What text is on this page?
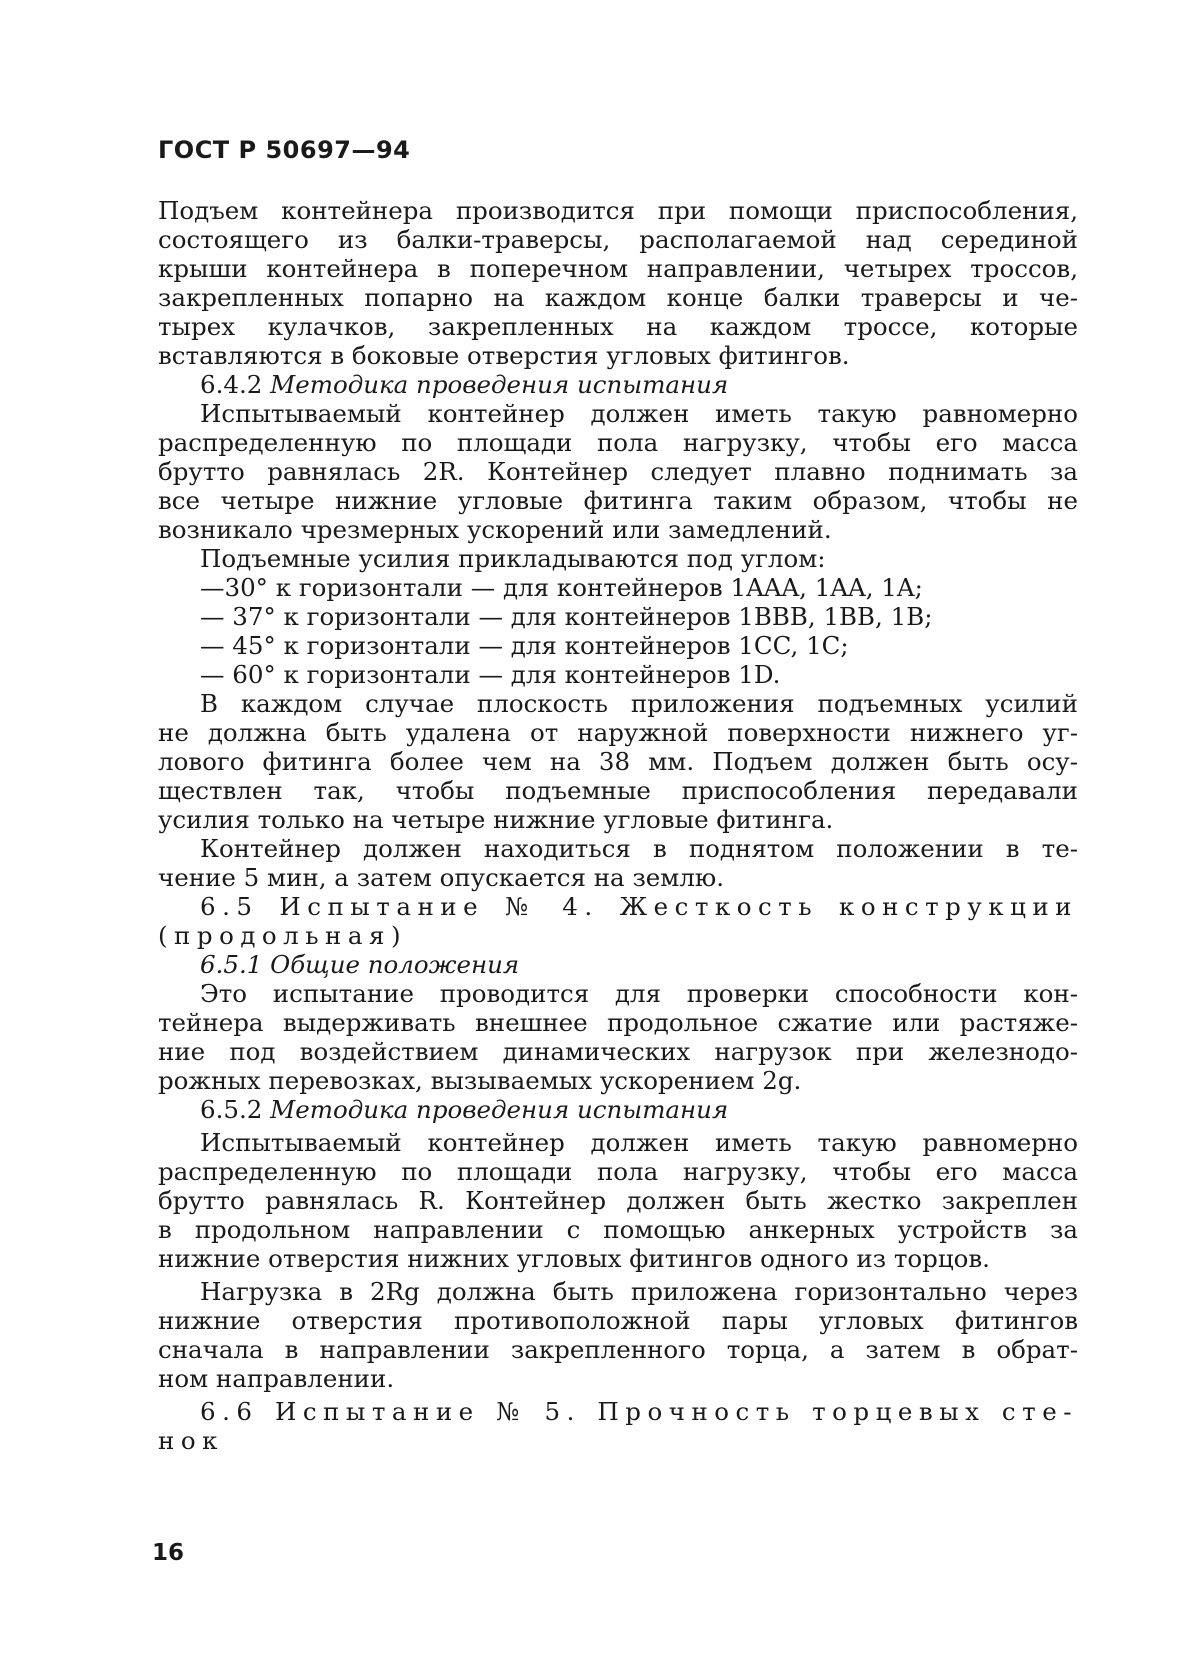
ГОСТ Р 50697—94
Подъем контейнера производится при помощи приспособления,
состоящего из балки-траверсы, располагаемой над серединой
крыши контейнера в поперечном направлении, четырех троссов,
закрепленных попарно на каждом конце балки траверсы и че-
тырех кулачков, закрепленных на каждом троссе, которые
вставляются в боковые отверстия угловых фитингов.
6.4.2 Методика проведения испытания
Испытываемый контейнер должен иметь такую равномерно
распределенную по площади пола нагрузку, чтобы его масса
брутто равнялась 2R. Контейнер следует плавно поднимать за
все четыре нижние угловые фитинга таким образом, чтобы не
возникало чрезмерных ускорений или замедлений.
Подъемные усилия прикладываются под углом:
—30° к горизонтали — для контейнеров 1AAA, 1AA, 1A;
— 37° к горизонтали — для контейнеров 1BBB, 1BB, 1B;
— 45° к горизонтали — для контейнеров 1CC, 1C;
— 60° к горизонтали — для контейнеров 1D.
В каждом случае плоскость приложения подъемных усилий
не должна быть удалена от наружной поверхности нижнего уг-
лового фитинга более чем на 38 мм. Подъем должен быть осу-
ществлен так, чтобы подъемные приспособления передавали
усилия только на четыре нижние угловые фитинга.
Контейнер должен находиться в поднятом положении в те-
чение 5 мин, а затем опускается на землю.
6.5 Испытание № 4. Жесткость конструкции
(продольная)
6.5.1 Общие положения
Это испытание проводится для проверки способности кон-
тейнера выдерживать внешнее продольное сжатие или растяже-
ние под воздействием динамических нагрузок при железнодо-
рожных перевозках, вызываемых ускорением 2g.
6.5.2 Методика проведения испытания
Испытываемый контейнер должен иметь такую равномерно
распределенную по площади пола нагрузку, чтобы его масса
брутто равнялась R. Контейнер должен быть жестко закреплен
в продольном направлении с помощью анкерных устройств за
нижние отверстия нижних угловых фитингов одного из торцов.
Нагрузка в 2Rg должна быть приложена горизонтально через
нижние отверстия противоположной пары угловых фитингов
сначала в направлении закрепленного торца, а затем в обрат-
ном направлении.
6.6 Испытание № 5. Прочность торцевых сте-
нок
16
